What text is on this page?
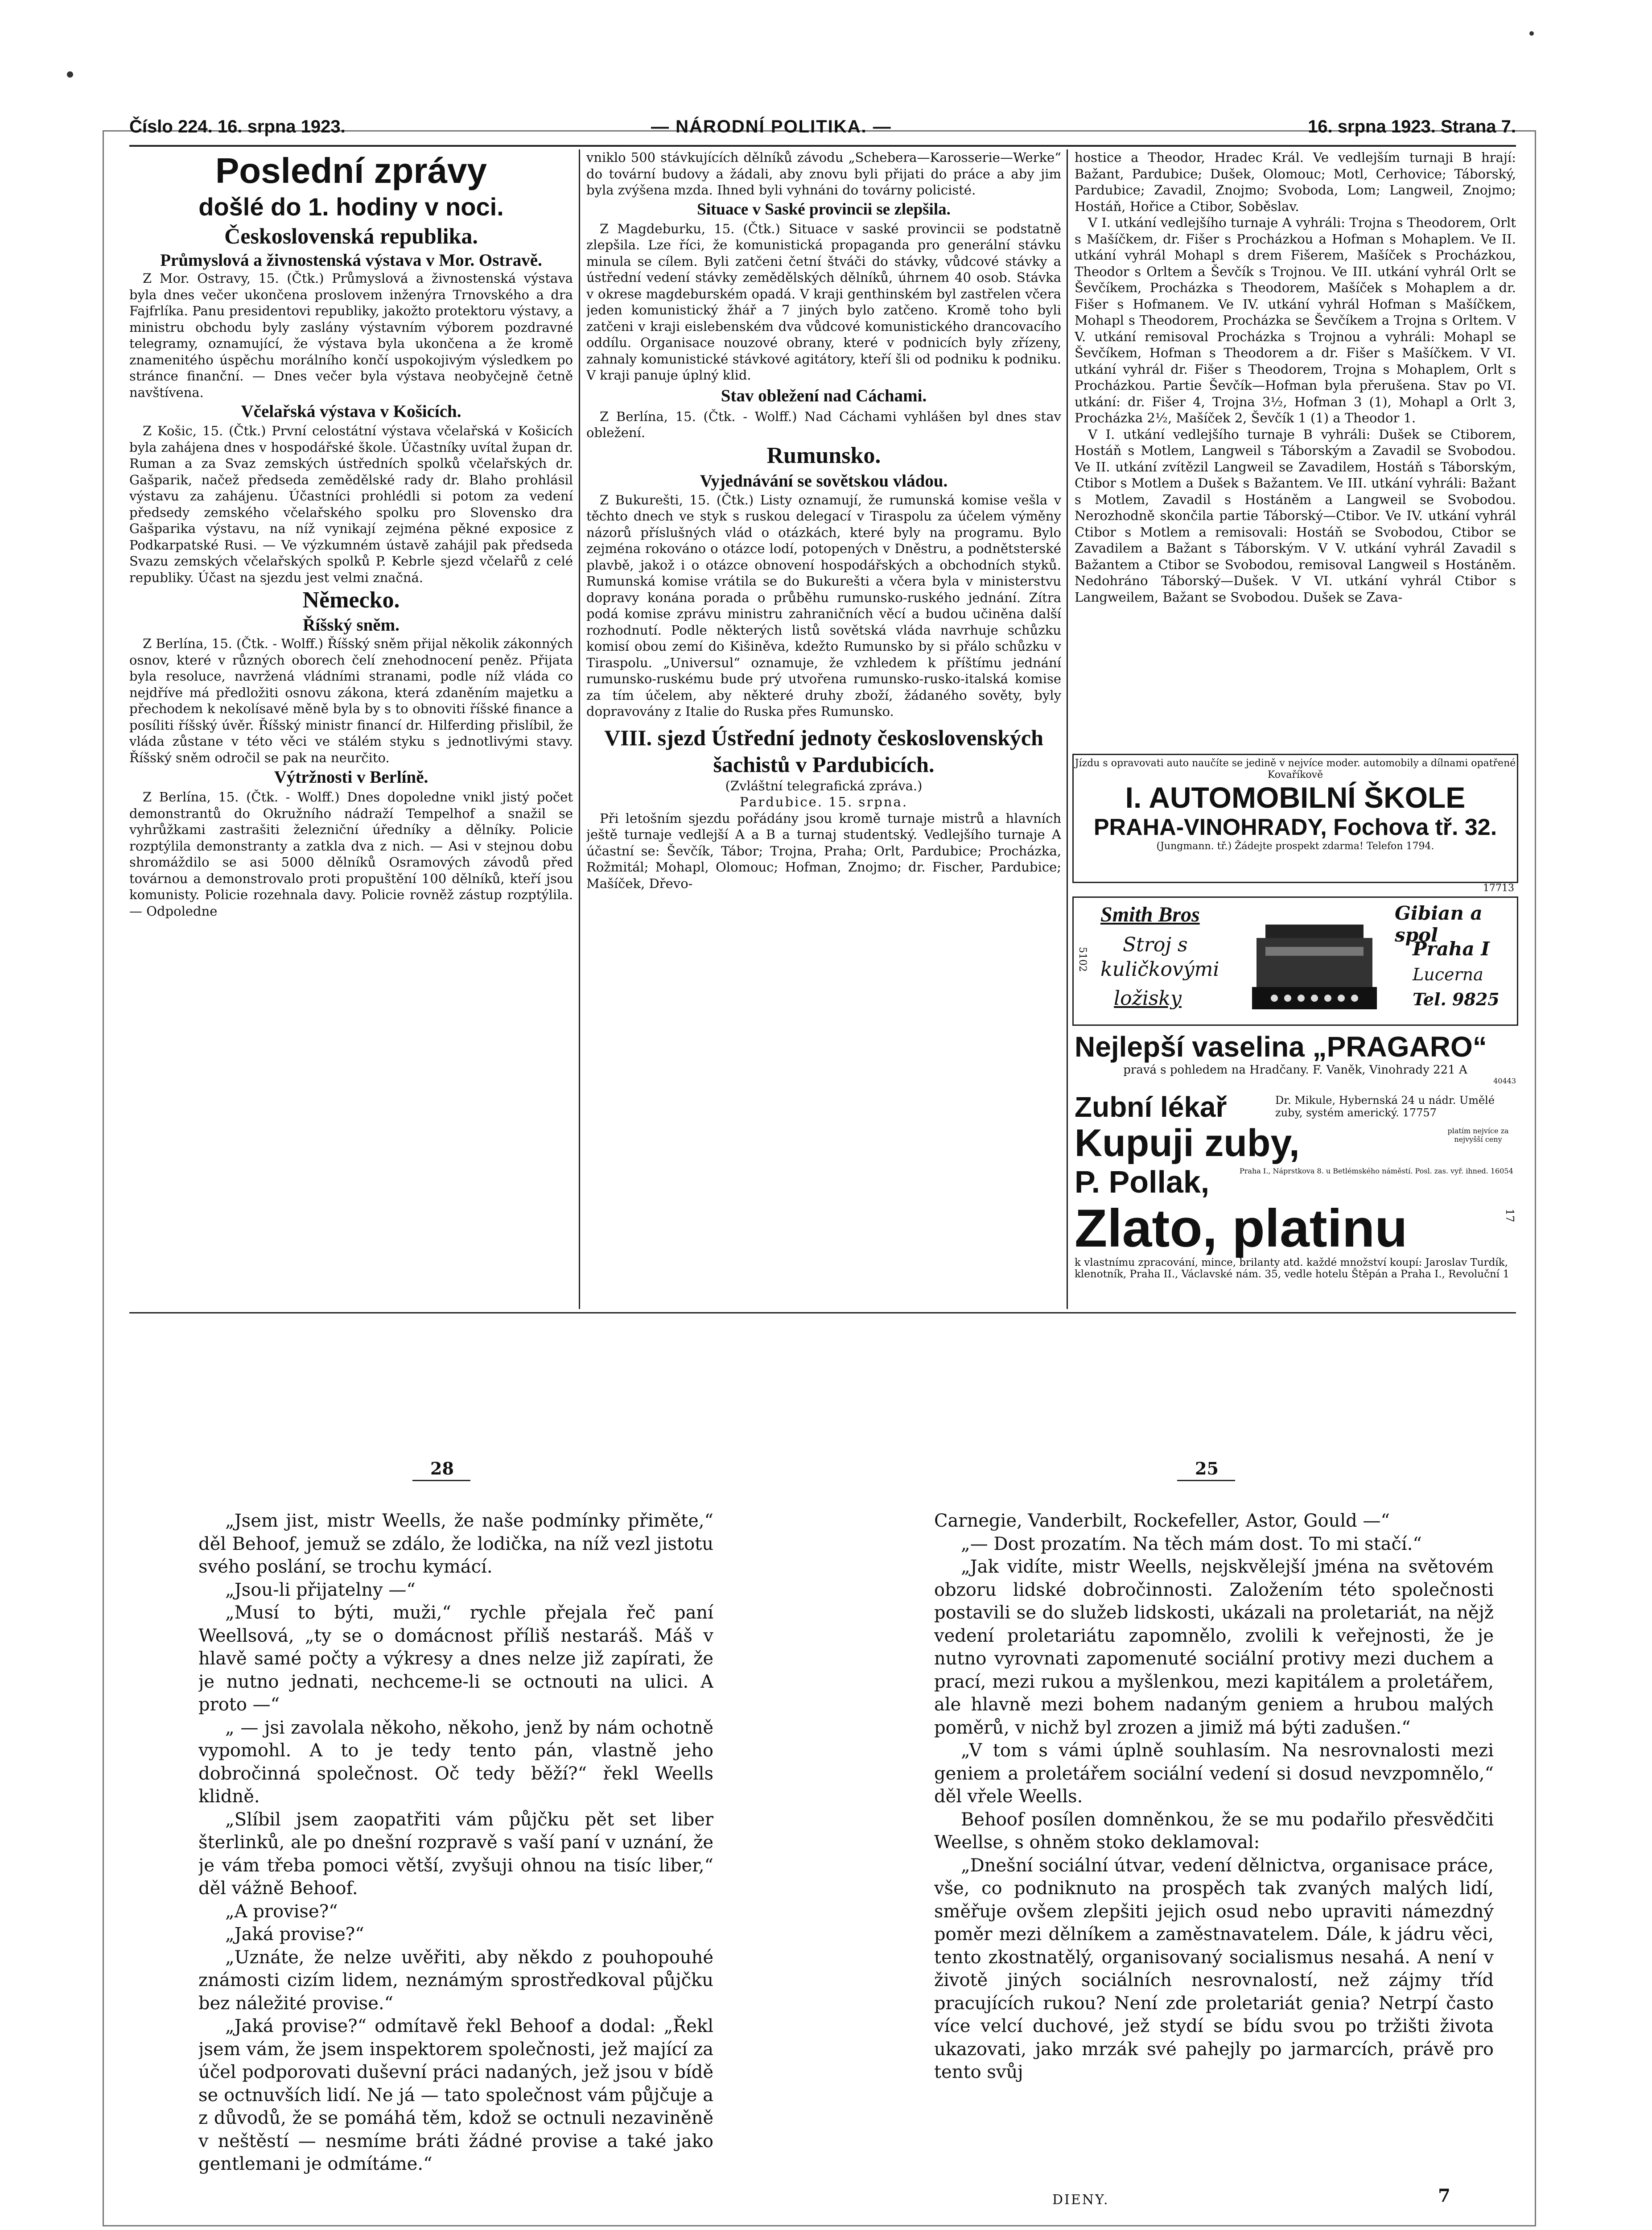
Číslo 224. 16. srpna 1923.	— NÁRODNÍ POLITIKA. —	16. srpna 1923. Strana 7.

Poslední zprávy

došlé do 1. hodiny v noci.

Československá republika.

Průmyslová a živnostenská výstava v Mor. Ostravě.

Z Mor. Ostravy, 15. (Čtk.) Průmyslová a živnostenská výstava byla dnes večer ukončena proslovem inženýra Trnovského a dra Fajfrlíka. Panu presidentovi republiky, jakožto protektoru výstavy, a ministru obchodu byly zaslány výstavním výborem pozdravné telegramy, oznamující, že výstava byla ukončena a že kromě znamenitého úspěchu morálního končí uspokojivým výsledkem po stránce finanční. — Dnes večer byla výstava neobyčejně četně navštívena.

Včelařská výstava v Košicích.

Z Košic, 15. (Čtk.) První celostátní výstava včelařská v Košicích byla zahájena dnes v hospodářské škole. Účastníky uvítal župan dr. Ruman a za Svaz zemských ústředních spolků včelařských dr. Gašparik, načež předseda zemědělské rady dr. Blaho prohlásil výstavu za zahájenu. Účastníci prohlédli si potom za vedení předsedy zemského včelařského spolku pro Slovensko dra Gašparika výstavu, na níž vynikají zejména pěkné exposice z Podkarpatské Rusi. — Ve výzkumném ústavě zahájil pak předseda Svazu zemských včelařských spolků P. Kebrle sjezd včelařů z celé republiky. Účast na sjezdu jest velmi značná.

Německo.

Říšský sněm.

Z Berlína, 15. (Čtk. - Wolff.) Říšský sněm přijal několik zákonných osnov, které v různých oborech čelí znehodnocení peněz. Přijata byla resoluce, navržená vládními stranami, podle níž vláda co nejdříve má předložiti osnovu zákona, která zdaněním majetku a přechodem k nekolísavé měně byla by s to obnoviti říšské finance a posíliti říšský úvěr. Říšský ministr financí dr. Hilferding přislíbil, že vláda zůstane v této věci ve stálém styku s jednotlivými stavy. Říšský sněm odročil se pak na neurčito.

Výtržnosti v Berlíně.

Z Berlína, 15. (Čtk. - Wolff.) Dnes dopoledne vnikl jistý počet demonstrantů do Okružního nádraží Tempelhof a snažil se vyhrůžkami zastrašiti železniční úředníky a dělníky. Policie rozptýlila demonstranty a zatkla dva z nich. — Asi v stejnou dobu shromáždilo se asi 5000 dělníků Osramových závodů před továrnou a demonstrovalo proti propuštění 100 dělníků, kteří jsou komunisty. Policie rozehnala davy. Policie rovněž zástup rozptýlila. — Odpoledne

vniklo 500 stávkujících dělníků závodu „Schebera—Karosserie—Werke“ do tovární budovy a žádali, aby znovu byli přijati do práce a aby jim byla zvýšena mzda. Ihned byli vyhnáni do továrny policisté.

Situace v Saské provincii se zlepšila.

Z Magdeburku, 15. (Čtk.) Situace v saské provincii se podstatně zlepšila. Lze říci, že komunistická propaganda pro generální stávku minula se cílem. Byli zatčeni četní štváči do stávky, vůdcové stávky a ústřední vedení stávky zemědělských dělníků, úhrnem 40 osob. Stávka v okrese magdeburském opadá. V kraji genthinském byl zastřelen včera jeden komunistický žhář a 7 jiných bylo zatčeno. Kromě toho byli zatčeni v kraji eislebenském dva vůdcové komunistického drancovacího oddílu. Organisace nouzové obrany, které v podnicích byly zřízeny, zahnaly komunistické stávkové agitátory, kteří šli od podniku k podniku. V kraji panuje úplný klid.

Stav obležení nad Cáchami.

Z Berlína, 15. (Čtk. - Wolff.) Nad Cáchami vyhlášen byl dnes stav obležení.

Rumunsko.

Vyjednávání se sovětskou vládou.

Z Bukurešti, 15. (Čtk.) Listy oznamují, že rumunská komise vešla v těchto dnech ve styk s ruskou delegací v Tiraspolu za účelem výměny názorů příslušných vlád o otázkách, které byly na programu. Bylo zejména rokováno o otázce lodí, potopených v Dněstru, a podnětsterské plavbě, jakož i o otázce obnovení hospodářských a obchodních styků. Rumunská komise vrátila se do Bukurešti a včera byla v ministerstvu dopravy konána porada o průběhu rumunsko-ruského jednání. Zítra podá komise zprávu ministru zahraničních věcí a budou učiněna další rozhodnutí. Podle některých listů sovětská vláda navrhuje schůzku komisí obou zemí do Kišiněva, kdežto Rumunsko by si přálo schůzku v Tiraspolu. „Universul“ oznamuje, že vzhledem k příštímu jednání rumunsko-ruskému bude prý utvořena rumunsko-rusko-italská komise za tím účelem, aby některé druhy zboží, žádaného sověty, byly dopravovány z Italie do Ruska přes Rumunsko.

VIII. sjezd Ústřední jednoty československých šachistů v Pardubicích.

(Zvláštní telegrafická zpráva.)

Pardubice. 15. srpna.

Při letošním sjezdu pořádány jsou kromě turnaje mistrů a hlavních ještě turnaje vedlejší A a B a turnaj studentský. Vedlejšího turnaje A účastní se: Ševčík, Tábor; Trojna, Praha; Orlt, Pardubice; Procházka, Rožmitál; Mohapl, Olomouc; Hofman, Znojmo; dr. Fischer, Pardubice; Mašíček, Dřevo-

hostice a Theodor, Hradec Král. Ve vedlejším turnaji B hrají: Bažant, Pardubice; Dušek, Olomouc; Motl, Cerhovice; Táborský, Pardubice; Zavadil, Znojmo; Svoboda, Lom; Langweil, Znojmo; Hostáň, Hořice a Ctibor, Soběslav.

V I. utkání vedlejšího turnaje A vyhráli: Trojna s Theodorem, Orlt s Mašíčkem, dr. Fišer s Procházkou a Hofman s Mohaplem. Ve II. utkání vyhrál Mohapl s drem Fišerem, Mašíček s Procházkou, Theodor s Orltem a Ševčík s Trojnou. Ve III. utkání vyhrál Orlt se Ševčíkem, Procházka s Theodorem, Mašíček s Mohaplem a dr. Fišer s Hofmanem. Ve IV. utkání vyhrál Hofman s Mašíčkem, Mohapl s Theodorem, Procházka se Ševčíkem a Trojna s Orltem. V V. utkání remisoval Procházka s Trojnou a vyhráli: Mohapl se Ševčíkem, Hofman s Theodorem a dr. Fišer s Mašíčkem. V VI. utkání vyhrál dr. Fišer s Theodorem, Trojna s Mohaplem, Orlt s Procházkou. Partie Ševčík—Hofman byla přerušena. Stav po VI. utkání: dr. Fišer 4, Trojna 3½, Hofman 3 (1), Mohapl a Orlt 3, Procházka 2½, Mašíček 2, Ševčík 1 (1) a Theodor 1.

V I. utkání vedlejšího turnaje B vyhráli: Dušek se Ctiborem, Hostáň s Motlem, Langweil s Táborským a Zavadil se Svobodou. Ve II. utkání zvítězil Langweil se Zavadilem, Hostáň s Táborským, Ctibor s Motlem a Dušek s Bažantem. Ve III. utkání vyhráli: Bažant s Motlem, Zavadil s Hostáněm a Langweil se Svobodou. Nerozhodně skončila partie Táborský—Ctibor. Ve IV. utkání vyhrál Ctibor s Motlem a remisovali: Hostáň se Svobodou, Ctibor se Zavadilem a Bažant s Táborským. V V. utkání vyhrál Zavadil s Bažantem a Ctibor se Svobodou, remisoval Langweil s Hostáněm. Nedohráno Táborský—Dušek. V VI. utkání vyhrál Ctibor s Langweilem, Bažant se Svobodou. Dušek se Zava-

Jízdu s opravovati auto naučíte se jedině v nejvíce moder. automobily a dílnami opatřené Kovaříkově
I. AUTOMOBILNÍ ŠKOLE
PRAHA-VINOHRADY, Fochova tř. 32.
(Jungmann. tř.) Žádejte prospekt zdarma! Telefon 1794.
17713
5102
Smith Bros
Stroj s
kuličkovými
ložisky
Gibian a spol
Praha I
Lucerna
Tel. 9825
Nejlepší vaselina „PRAGARO“
pravá s pohledem na Hradčany. F. Vaněk, Vinohrady 221 A
40443
Zubní lékař	Dr. Mikule, Hybernská 24 u nádr. Umělé zuby, systém americký. 17757
Kupuji zuby,	platím nejvíce za nejvyšší ceny
P. Pollak,	Praha I., Náprstkova 8. u Betlémského náměstí. Posl. zas. vyř. ihned. 16054
Zlato, platinu	17
k vlastnímu zpracování, mince, brilanty atd. každé množství koupí: Jaroslav Turdík, klenotník, Praha II., Václavské nám. 35, vedle hotelu Štěpán a Praha I., Revoluční 1
28	25

„Jsem jist, mistr Weells, že naše podmínky přiměte,“ děl Behoof, jemuž se zdálo, že lodička, na níž vezl jistotu svého poslání, se trochu kymácí.

„Jsou-li přijatelny —“

„Musí to býti, muži,“ rychle přejala řeč paní Weellsová, „ty se o domácnost příliš nestaráš. Máš v hlavě samé počty a výkresy a dnes nelze již zapírati, že je nutno jednati, nechceme-li se octnouti na ulici. A proto —“

„ — jsi zavolala někoho, někoho, jenž by nám ochotně vypomohl. A to je tedy tento pán, vlastně jeho dobročinná společnost. Oč tedy běží?“ řekl Weells klidně.

„Slíbil jsem zaopatřiti vám půjčku pět set liber šterlinků, ale po dnešní rozpravě s vaší paní v uznání, že je vám třeba pomoci větší, zvyšuji ohnou na tisíc liber,“ děl vážně Behoof.

„A provise?“

„Jaká provise?“

„Uznáte, že nelze uvěřiti, aby někdo z pouhopouhé známosti cizím lidem, neznámým sprostředkoval půjčku bez náležité provise.“

„Jaká provise?“ odmítavě řekl Behoof a dodal: „Řekl jsem vám, že jsem inspektorem společnosti, jež mající za účel podporovati duševní práci nadaných, jež jsou v bídě se octnuvších lidí. Ne já — tato společnost vám půjčuje a z důvodů, že se pomáhá těm, kdož se octnuli nezaviněně v neštěstí — nesmíme bráti žádné provise a také jako gentlemani je odmítáme.“

Carnegie, Vanderbilt, Rockefeller, Astor, Gould —“

„— Dost prozatím. Na těch mám dost. To mi stačí.“

„Jak vidíte, mistr Weells, nejskvělejší jména na světovém obzoru lidské dobročinnosti. Založením této společnosti postavili se do služeb lidskosti, ukázali na proletariát, na nějž vedení proletariátu zapomnělo, zvolili k veřejnosti, že je nutno vyrovnati zapomenuté sociální protivy mezi duchem a prací, mezi rukou a myšlenkou, mezi kapitálem a proletářem, ale hlavně mezi bohem nadaným geniem a hrubou malých poměrů, v nichž byl zrozen a jimiž má býti zadušen.“

„V tom s vámi úplně souhlasím. Na nesrovnalosti mezi geniem a proletářem sociální vedení si dosud nevzpomnělo,“ děl vřele Weells.

Behoof posílen domněnkou, že se mu podařilo přesvědčiti Weellse, s ohněm stoko deklamoval:

„Dnešní sociální útvar, vedení dělnictva, organisace práce, vše, co podniknuto na prospěch tak zvaných malých lidí, směřuje ovšem zlepšiti jejich osud nebo upraviti námezdný poměr mezi dělníkem a zaměstnavatelem. Dále, k jádru věci, tento zkostnatělý, organisovaný socialismus nesahá. A není v životě jiných sociálních nesrovnalostí, než zájmy tříd pracujících rukou? Není zde proletariát genia? Netrpí často více velcí duchové, jež stydí se bídu svou po tržišti života ukazovati, jako mrzák své pahejly po jarmarcích, právě pro tento svůj

DIENY.	7
